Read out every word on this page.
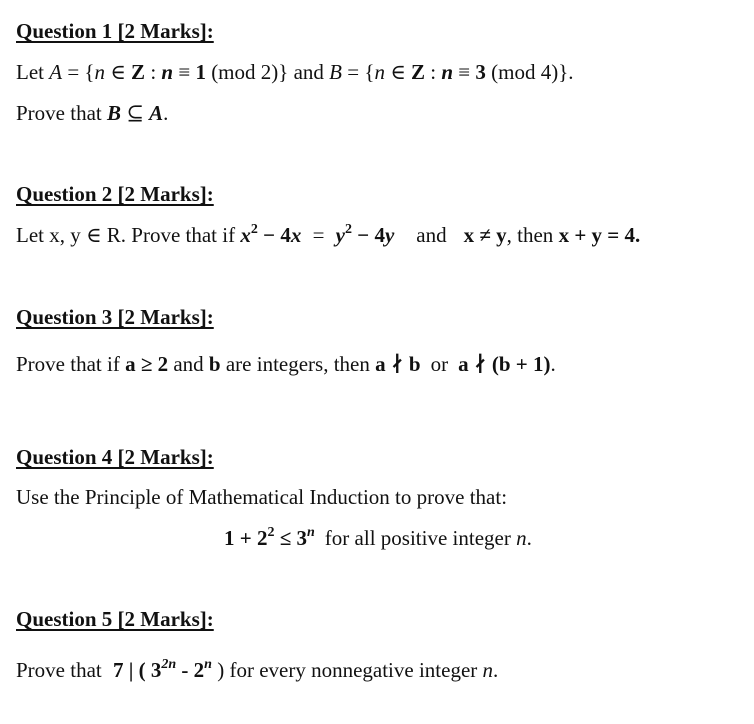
Question 1 [2 Marks]:
Let A = {n ∈ Z : n ≡ 1 (mod 2)} and B = {n ∈ Z : n ≡ 3 (mod 4)}.
Prove that B ⊆ A.
Question 2 [2 Marks]:
Let x, y ∈ R. Prove that if $x^2 - 4x = y^2 - 4y$ and x ≠ y, then x + y = 4.
Question 3 [2 Marks]:
Prove that if a ≥ 2 and b are integers, then a ∤ b or a ∤ (b + 1).
Question 4 [2 Marks]:
Use the Principle of Mathematical Induction to prove that:
$1 + 2^2 \le 3^n$ for all positive integer n.
Question 5 [2 Marks]:
Prove that 7 | ( $3^{2n} - 2^n$ ) for every nonnegative integer n.
